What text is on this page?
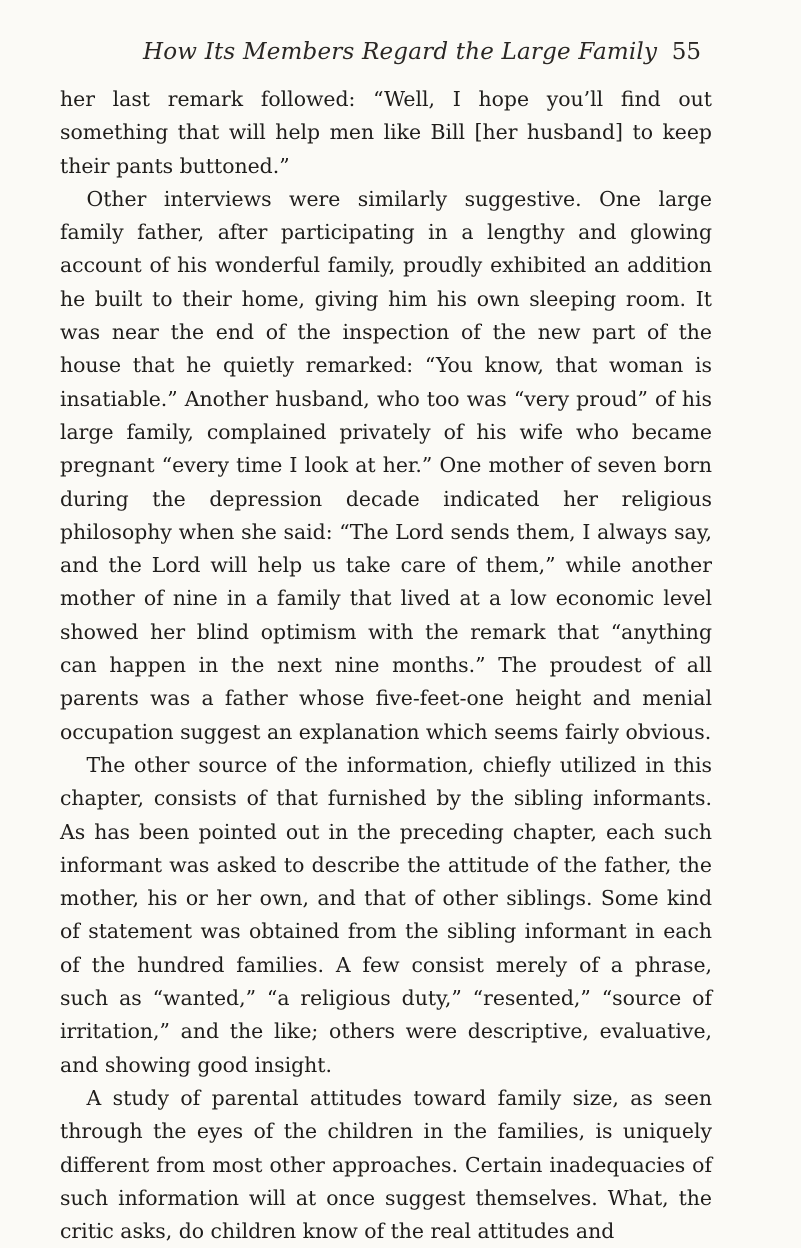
How Its Members Regard the Large Family 55

her last remark followed: “Well, I hope you’ll find out something that will help men like Bill [her husband] to keep their pants buttoned.”

Other interviews were similarly suggestive. One large family father, after participating in a lengthy and glowing account of his wonderful family, proudly exhibited an addition he built to their home, giving him his own sleeping room. It was near the end of the inspection of the new part of the house that he quietly remarked: “You know, that woman is insatiable.” Another husband, who too was “very proud” of his large family, complained privately of his wife who became pregnant “every time I look at her.” One mother of seven born during the depression decade indicated her religious philosophy when she said: “The Lord sends them, I always say, and the Lord will help us take care of them,” while another mother of nine in a family that lived at a low economic level showed her blind optimism with the remark that “anything can happen in the next nine months.” The proudest of all parents was a father whose five-feet-one height and menial occupation suggest an explanation which seems fairly obvious.

The other source of the information, chiefly utilized in this chapter, consists of that furnished by the sibling informants. As has been pointed out in the preceding chapter, each such informant was asked to describe the attitude of the father, the mother, his or her own, and that of other siblings. Some kind of statement was obtained from the sibling informant in each of the hundred families. A few consist merely of a phrase, such as “wanted,” “a religious duty,” “resented,” “source of irritation,” and the like; others were descriptive, evaluative, and showing good insight.

A study of parental attitudes toward family size, as seen through the eyes of the children in the families, is uniquely different from most other approaches. Certain inadequacies of such information will at once suggest themselves. What, the critic asks, do children know of the real attitudes and
